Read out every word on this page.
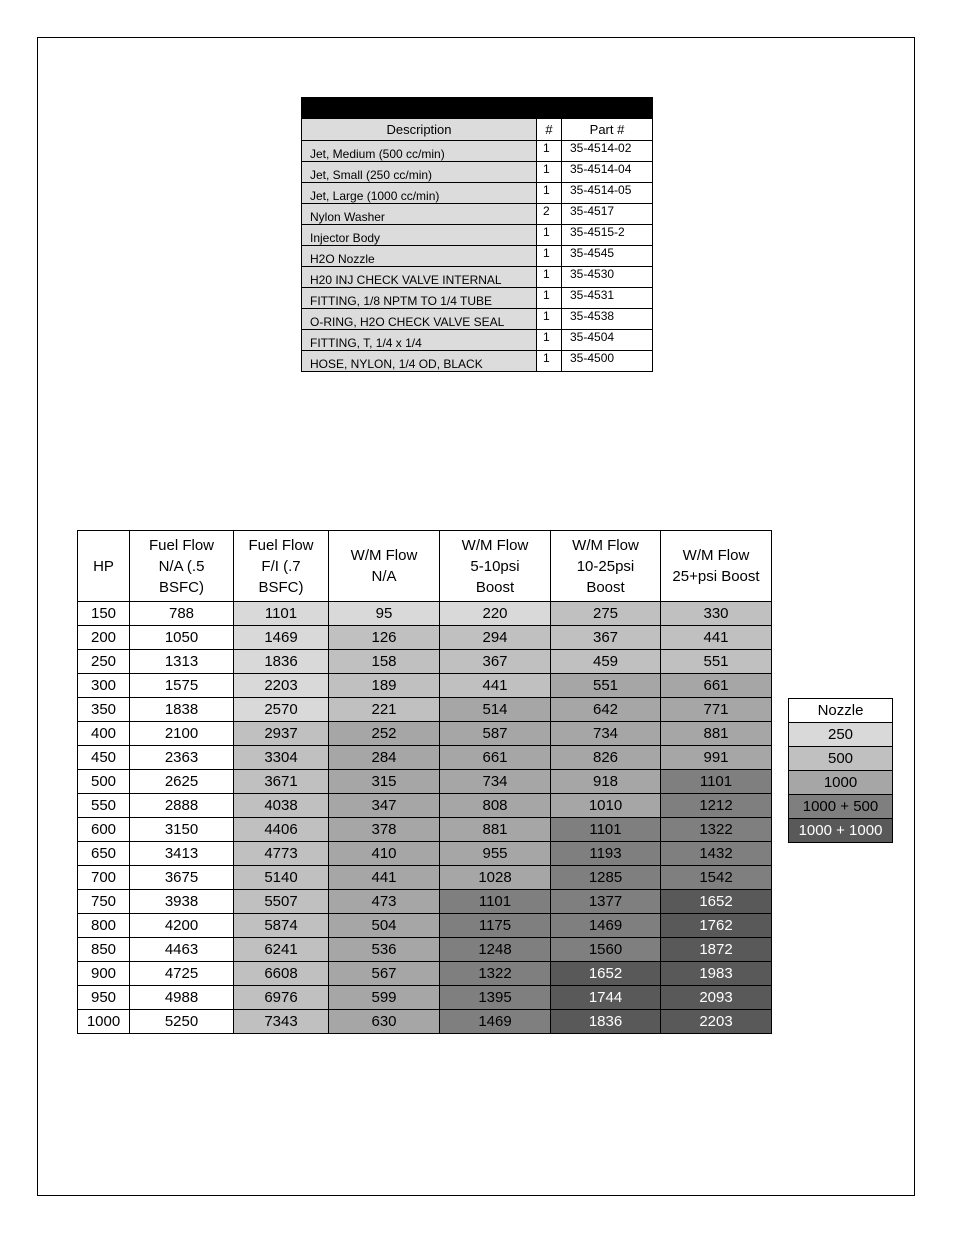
Description	#	Part #
Jet, Medium (500 cc/min)	1	35-4514-02
Jet, Small (250 cc/min)	1	35-4514-04
Jet, Large (1000 cc/min)	1	35-4514-05
Nylon Washer	2	35-4517
Injector Body	1	35-4515-2
H2O Nozzle	1	35-4545
H20 INJ CHECK VALVE INTERNAL	1	35-4530
FITTING, 1/8 NPTM TO 1/4 TUBE	1	35-4531
O-RING, H2O CHECK VALVE SEAL	1	35-4538
FITTING, T, 1/4 x 1/4	1	35-4504
HOSE, NYLON, 1/4 OD, BLACK	1	35-4500
HP	Fuel Flow
N/A (.5
BSFC)	Fuel Flow
F/I (.7
BSFC)	W/M Flow
N/A	W/M Flow
5-10psi
Boost	W/M Flow
10-25psi
Boost	W/M Flow
25+psi Boost
150	788	1101	95	220	275	330
200	1050	1469	126	294	367	441
250	1313	1836	158	367	459	551
300	1575	2203	189	441	551	661
350	1838	2570	221	514	642	771
400	2100	2937	252	587	734	881
450	2363	3304	284	661	826	991
500	2625	3671	315	734	918	1101
550	2888	4038	347	808	1010	1212
600	3150	4406	378	881	1101	1322
650	3413	4773	410	955	1193	1432
700	3675	5140	441	1028	1285	1542
750	3938	5507	473	1101	1377	1652
800	4200	5874	504	1175	1469	1762
850	4463	6241	536	1248	1560	1872
900	4725	6608	567	1322	1652	1983
950	4988	6976	599	1395	1744	2093
1000	5250	7343	630	1469	1836	2203
Nozzle
250
500
1000
1000 + 500
1000 + 1000
